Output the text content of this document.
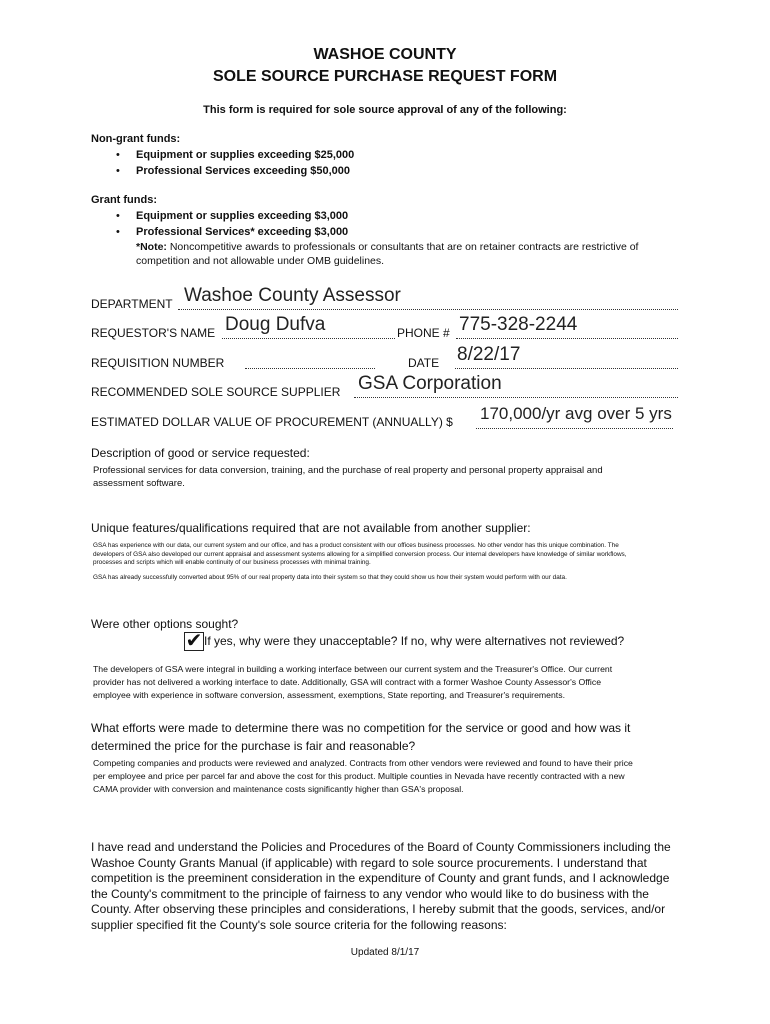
WASHOE COUNTY
SOLE SOURCE PURCHASE REQUEST FORM
This form is required for sole source approval of any of the following:
Non-grant funds:
• Equipment or supplies exceeding $25,000
• Professional Services exceeding $50,000
Grant funds:
• Equipment or supplies exceeding $3,000
• Professional Services* exceeding $3,000
*Note: Noncompetitive awards to professionals or consultants that are on retainer contracts are restrictive of
competition and not allowable under OMB guidelines.
DEPARTMENT Washoe County Assessor
REQUESTOR'S NAME Doug Dufva	PHONE # 775-328-2244
REQUISITION NUMBER	DATE 8/22/17
RECOMMENDED SOLE SOURCE SUPPLIER GSA Corporation
ESTIMATED DOLLAR VALUE OF PROCUREMENT (ANNUALLY) $ 170,000/yr avg over 5 yrs
Description of good or service requested:
Professional services for data conversion, training, and the purchase of real property and personal property appraisal and assessment software.
Unique features/qualifications required that are not available from another supplier:
GSA has experience with our data, our current system and our office, and has a product consistent with our offices business processes. No other vendor has this unique combination. The developers of GSA also developed our current appraisal and assessment systems allowing for a simplified conversion process. Our internal developers have knowledge of similar workflows, processes and scripts which will enable continuity of our business processes with minimal training.
GSA has already successfully converted about 95% of our real property data into their system so that they could show us how their system would perform with our data.
Were other options sought?
✔ If yes, why were they unacceptable? If no, why were alternatives not reviewed?
The developers of GSA were integral in building a working interface between our current system and the Treasurer's Office. Our current provider has not delivered a working interface to date. Additionally, GSA will contract with a former Washoe County Assessor's Office employee with experience in software conversion, assessment, exemptions, State reporting, and Treasurer's requirements.
What efforts were made to determine there was no competition for the service or good and how was it determined the price for the purchase is fair and reasonable?
Competing companies and products were reviewed and analyzed. Contracts from other vendors were reviewed and found to have their price per employee and price per parcel far and above the cost for this product. Multiple counties in Nevada have recently contracted with a new CAMA provider with conversion and maintenance costs significantly higher than GSA's proposal.
I have read and understand the Policies and Procedures of the Board of County Commissioners including the Washoe County Grants Manual (if applicable) with regard to sole source procurements. I understand that competition is the preeminent consideration in the expenditure of County and grant funds, and I acknowledge the County's commitment to the principle of fairness to any vendor who would like to do business with the County. After observing these principles and considerations, I hereby submit that the goods, services, and/or supplier specified fit the County's sole source criteria for the following reasons:
Updated 8/1/17
